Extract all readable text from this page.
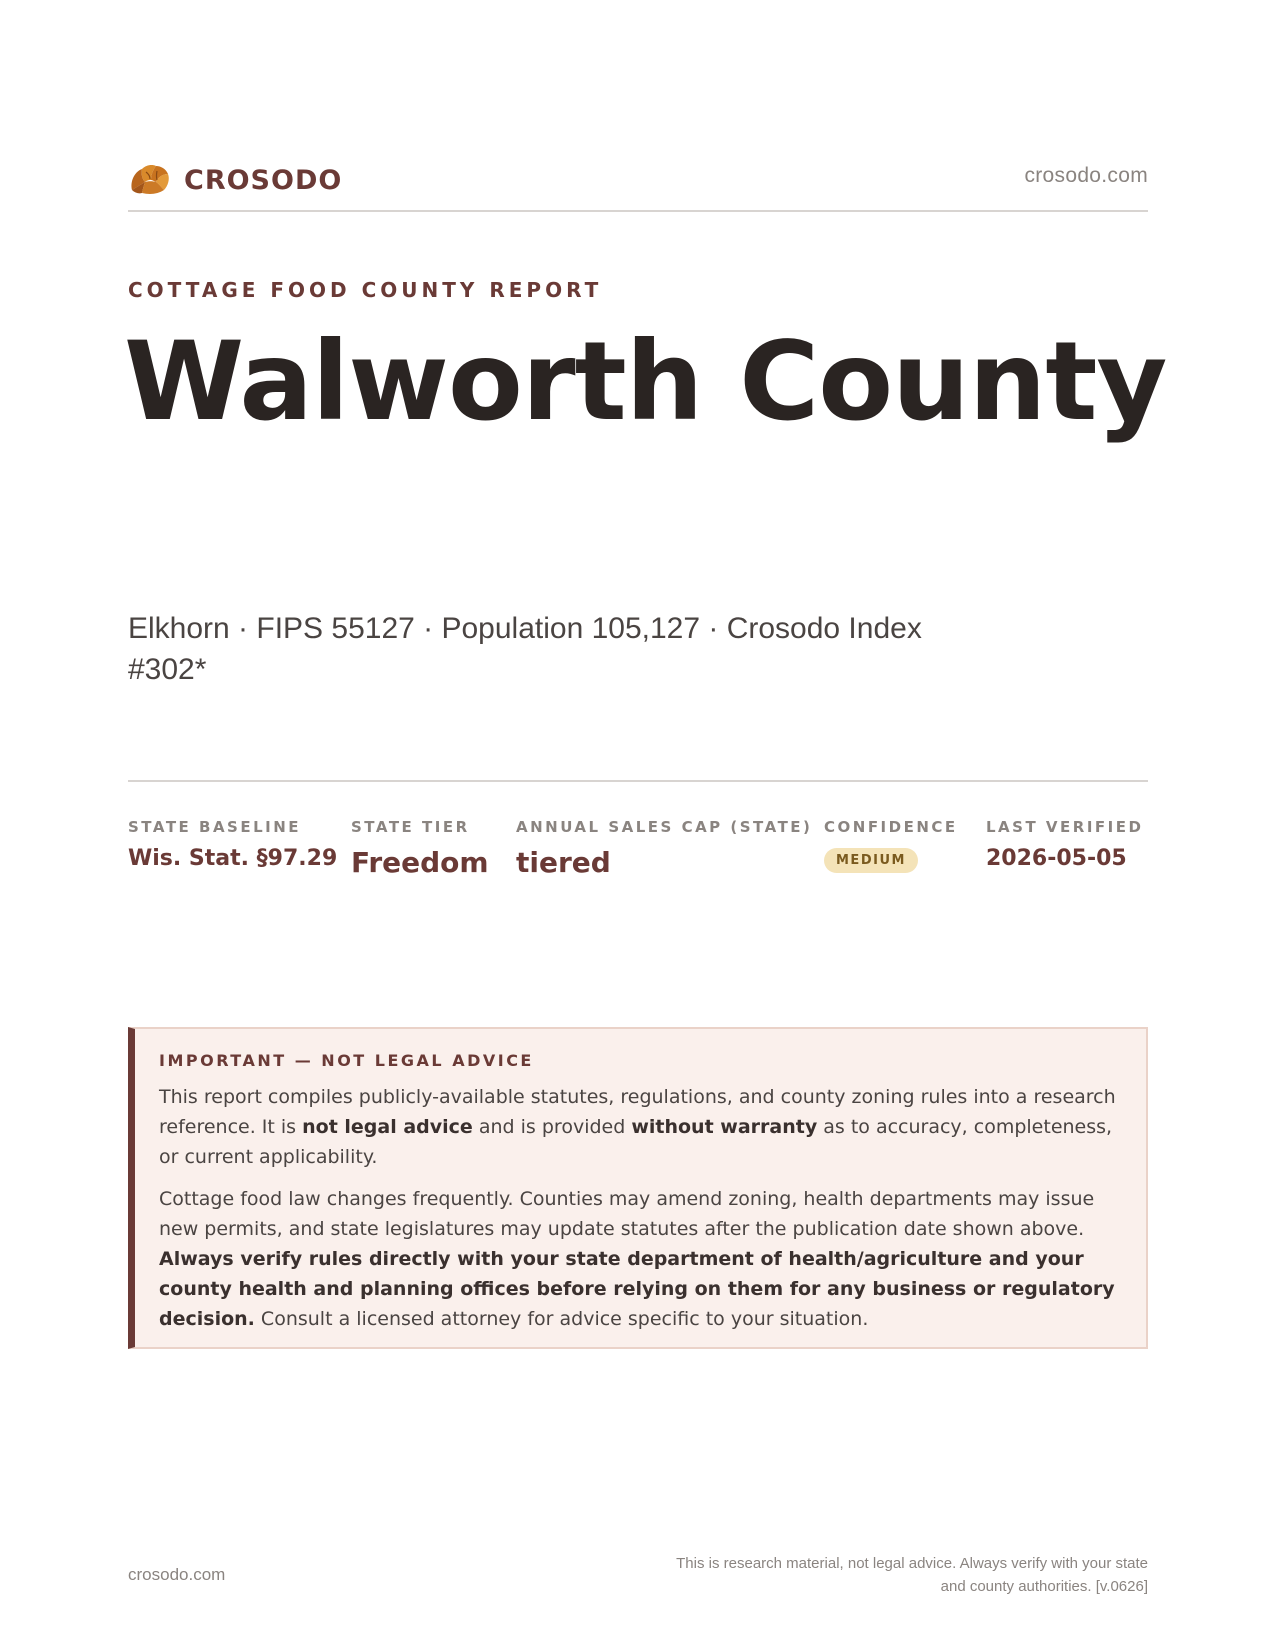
CROSODO	crosodo.com
COTTAGE FOOD COUNTY REPORT
Walworth County
Elkhorn · FIPS 55127 · Population 105,127 · Crosodo Index #302*
STATE BASELINE
Wis. Stat. §97.29
STATE TIER
Freedom
ANNUAL SALES CAP (STATE)
tiered
CONFIDENCE
MEDIUM
LAST VERIFIED
2026-05-05
IMPORTANT — NOT LEGAL ADVICE

This report compiles publicly-available statutes, regulations, and county zoning rules into a research reference. It is not legal advice and is provided without warranty as to accuracy, completeness, or current applicability.

Cottage food law changes frequently. Counties may amend zoning, health departments may issue new permits, and state legislatures may update statutes after the publication date shown above. Always verify rules directly with your state department of health/agriculture and your county health and planning offices before relying on them for any business or regulatory decision. Consult a licensed attorney for advice specific to your situation.

crosodo.com
This is research material, not legal advice. Always verify with your state
and county authorities. [v.0626]
